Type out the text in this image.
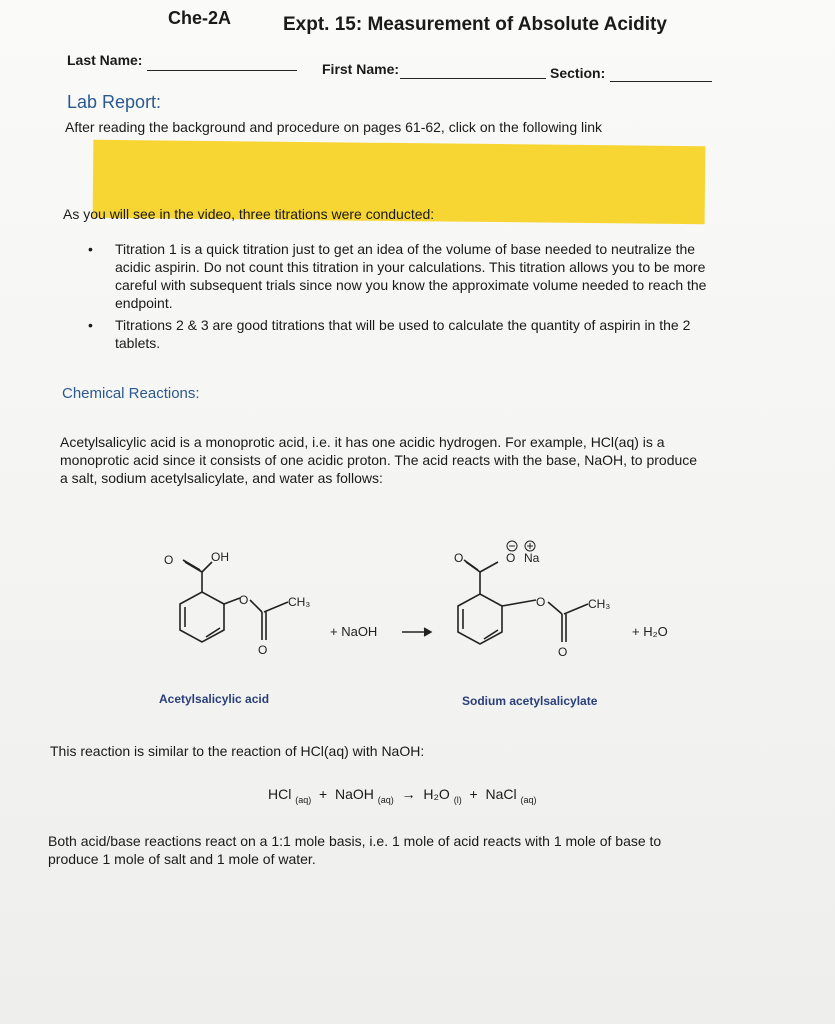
Che-2A	Expt. 15: Measurement of Absolute Acidity
Last Name:
First Name:	Section:
Lab Report:
After reading the background and procedure on pages 61-62, click on the following link
As you will see in the video, three titrations were conducted:
• Titration 1 is a quick titration just to get an idea of the volume of base needed to neutralize the
acidic aspirin. Do not count this titration in your calculations. This titration allows you to be more
careful with subsequent trials since now you know the approximate volume needed to reach the
endpoint.
• Titrations 2 & 3 are good titrations that will be used to calculate the quantity of aspirin in the 2
tablets.
Chemical Reactions:
Acetylsalicylic acid is a monoprotic acid, i.e. it has one acidic hydrogen. For example, HCl(aq) is a
monoprotic acid since it consists of one acidic proton. The acid reacts with the base, NaOH, to produce
a salt, sodium acetylsalicylate, and water as follows:
O	OH
O	CH₃
O
+ NaOH
O	O Na
O	CH₃
O
+ H₂O
Acetylsalicylic acid	Sodium acetylsalicylate
This reaction is similar to the reaction of HCl(aq) with NaOH:
HCl $_{(aq)}$ + NaOH $_{(aq)}$ → H₂O $_{(l)}$ + NaCl $_{(aq)}$
Both acid/base reactions react on a 1:1 mole basis, i.e. 1 mole of acid reacts with 1 mole of base to
produce 1 mole of salt and 1 mole of water.
